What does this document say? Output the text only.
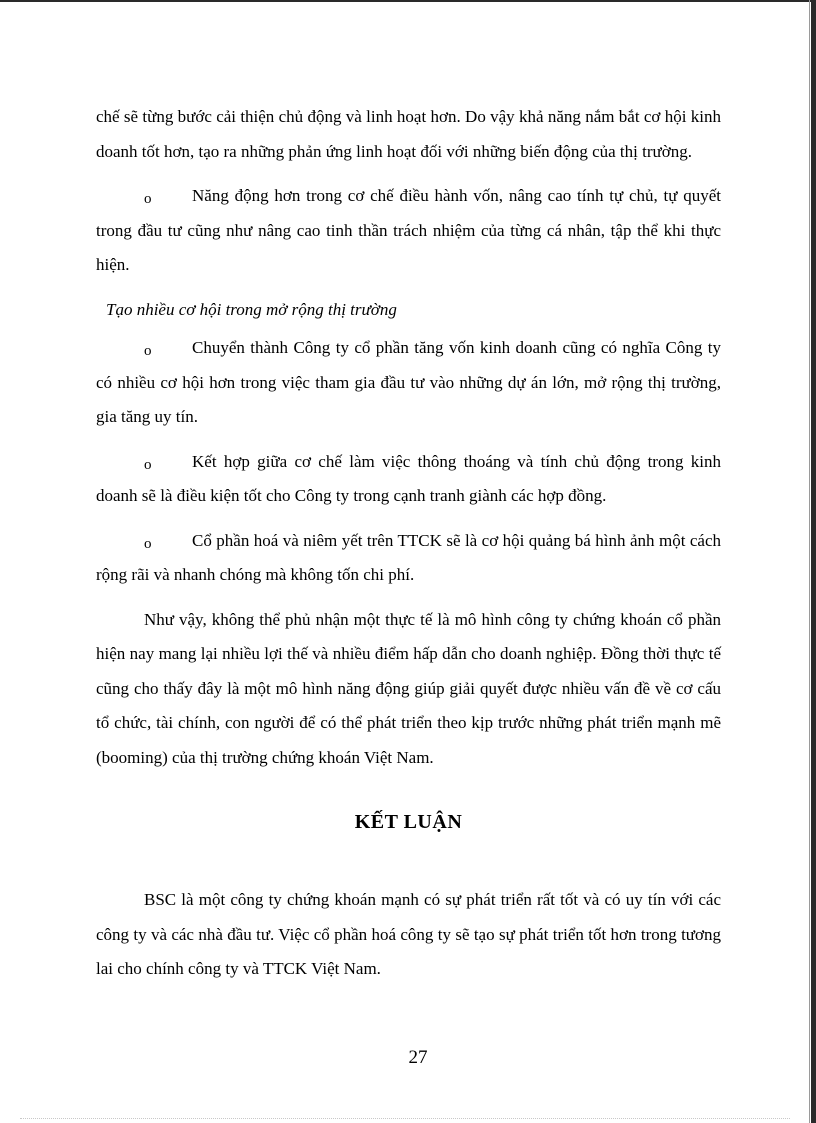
chế sẽ từng bước cải thiện chủ động và linh hoạt hơn. Do vậy khả năng nắm bắt cơ hội kinh doanh tốt hơn, tạo ra những phản ứng linh hoạt đối với những biến động của thị trường.

o Năng động hơn trong cơ chế điều hành vốn, nâng cao tính tự chủ, tự quyết trong đầu tư cũng như nâng cao tinh thần trách nhiệm của từng cá nhân, tập thể khi thực hiện.

Tạo nhiều cơ hội trong mở rộng thị trường

o Chuyển thành Công ty cổ phần tăng vốn kinh doanh cũng có nghĩa Công ty có nhiều cơ hội hơn trong việc tham gia đầu tư vào những dự án lớn, mở rộng thị trường, gia tăng uy tín.

o Kết hợp giữa cơ chế làm việc thông thoáng và tính chủ động trong kinh doanh sẽ là điều kiện tốt cho Công ty trong cạnh tranh giành các hợp đồng.

o Cổ phần hoá và niêm yết trên TTCK sẽ là cơ hội quảng bá hình ảnh một cách rộng rãi và nhanh chóng mà không tốn chi phí.

Như vậy, không thể phủ nhận một thực tế là mô hình công ty chứng khoán cổ phần hiện nay mang lại nhiều lợi thế và nhiều điểm hấp dẫn cho doanh nghiệp. Đồng thời thực tế cũng cho thấy đây là một mô hình năng động giúp giải quyết được nhiều vấn đề về cơ cấu tổ chức, tài chính, con người để có thể phát triển theo kịp trước những phát triển mạnh mẽ (booming) của thị trường chứng khoán Việt Nam.

KẾT LUẬN

BSC là một công ty chứng khoán mạnh có sự phát triển rất tốt và có uy tín với các công ty và các nhà đầu tư. Việc cổ phần hoá công ty sẽ tạo sự phát triển tốt hơn trong tương lai cho chính công ty và TTCK Việt Nam.

27
